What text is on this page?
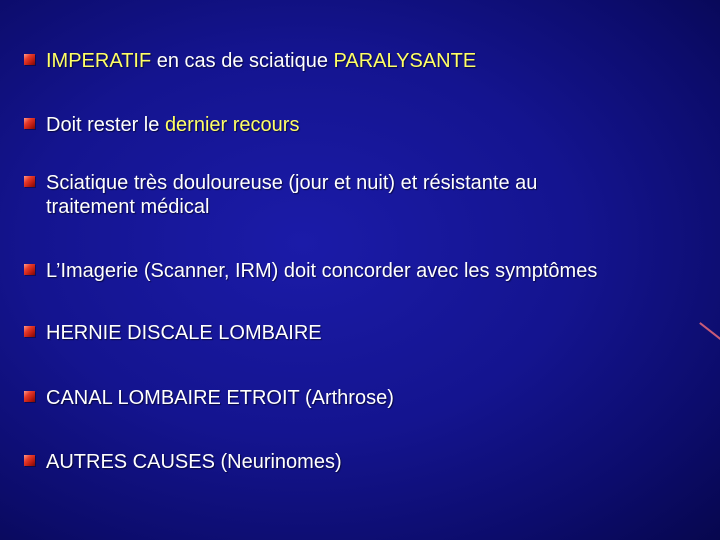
IMPERATIF en cas de sciatique PARALYSANTE
Doit rester le dernier recours
Sciatique très douloureuse (jour et nuit) et résistante au
traitement médical
L’Imagerie (Scanner, IRM) doit concorder avec les symptômes
HERNIE DISCALE LOMBAIRE
CANAL LOMBAIRE ETROIT (Arthrose)
AUTRES CAUSES (Neurinomes)
